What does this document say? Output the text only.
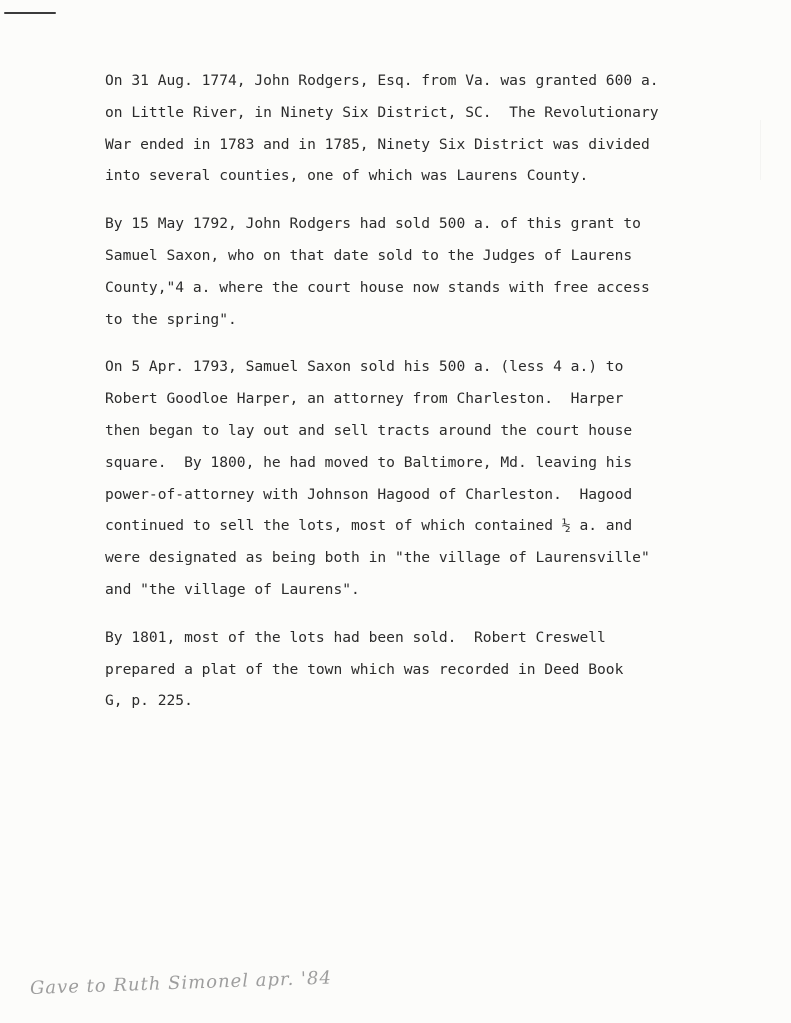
On 31 Aug. 1774, John Rodgers, Esq. from Va. was granted 600 a.
on Little River, in Ninety Six District, SC.  The Revolutionary
War ended in 1783 and in 1785, Ninety Six District was divided
into several counties, one of which was Laurens County.
By 15 May 1792, John Rodgers had sold 500 a. of this grant to
Samuel Saxon, who on that date sold to the Judges of Laurens
County,"4 a. where the court house now stands with free access
to the spring".
On 5 Apr. 1793, Samuel Saxon sold his 500 a. (less 4 a.) to
Robert Goodloe Harper, an attorney from Charleston.  Harper
then began to lay out and sell tracts around the court house
square.  By 1800, he had moved to Baltimore, Md. leaving his
power-of-attorney with Johnson Hagood of Charleston.  Hagood
continued to sell the lots, most of which contained ½ a. and
were designated as being both in "the village of Laurensville"
and "the village of Laurens".
By 1801, most of the lots had been sold.  Robert Creswell
prepared a plat of the town which was recorded in Deed Book
G, p. 225.
Gave to Ruth Simonel apr. '84
